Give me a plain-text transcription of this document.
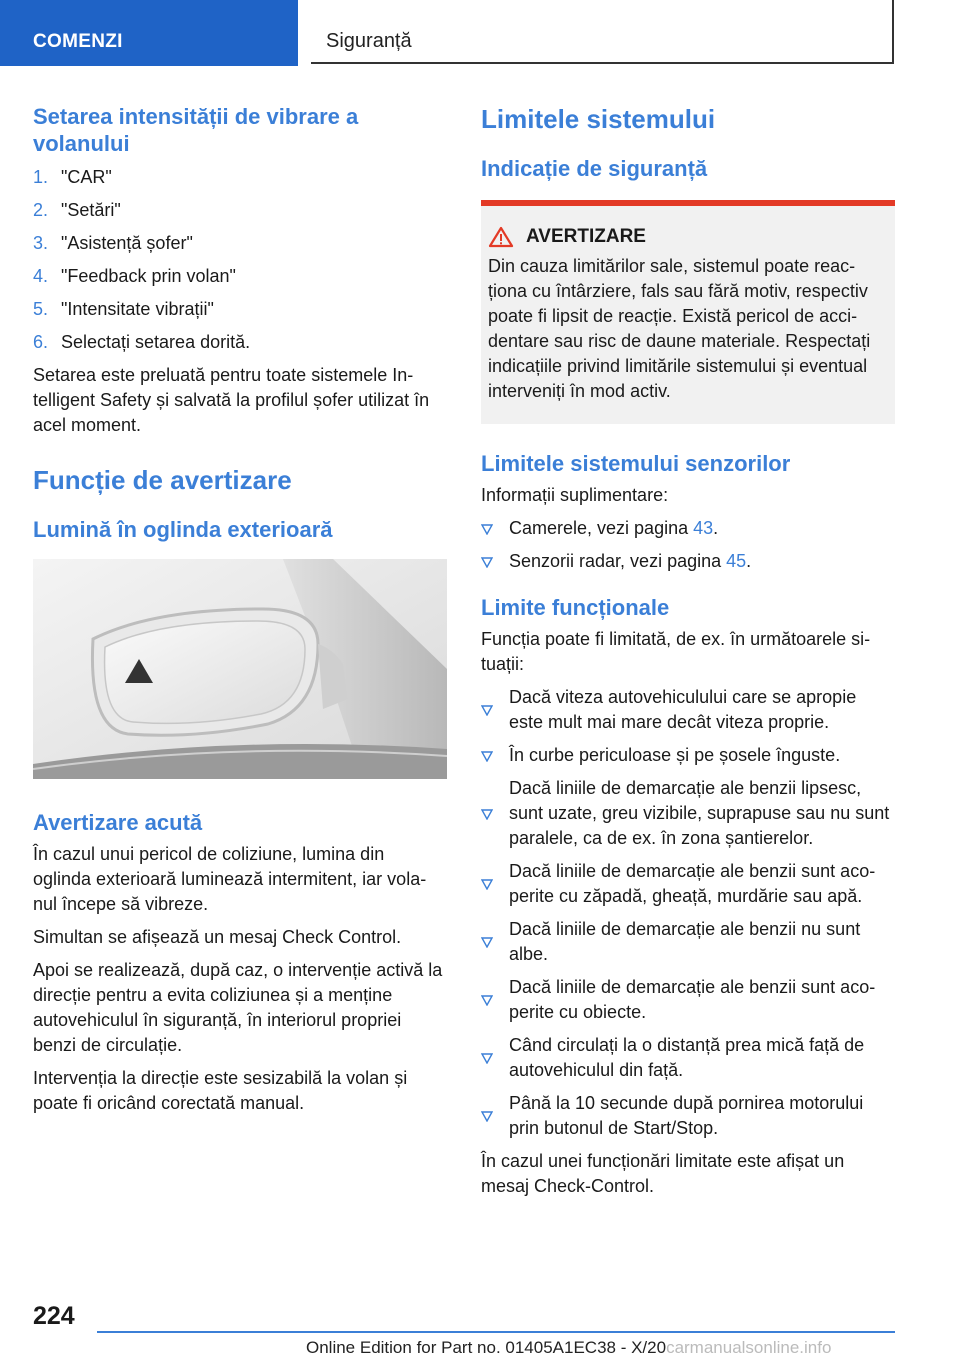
COMENZI	Siguranță
Setarea intensității de vibrare a volanului
1. "CAR"
2. "Setări"
3. "Asistență șofer"
4. "Feedback prin volan"
5. "Intensitate vibrații"
6. Selectați setarea dorită.

Setarea este preluată pentru toate sistemele In-telligent Safety și salvată la profilul șofer utilizat în acel moment.

Funcție de avertizare
Lumină în oglinda exterioară
Avertizare acută

În cazul unui pericol de coliziune, lumina din oglinda exterioară luminează intermitent, iar vola-nul începe să vibreze.

Simultan se afișează un mesaj Check Control.

Apoi se realizează, după caz, o intervenție activă la direcție pentru a evita coliziunea și a menține autovehiculul în siguranță, în interiorul propriei benzi de circulație.

Intervenția la direcție este sesizabilă la volan și poate fi oricând corectată manual.

Limitele sistemului
Indicație de siguranță
AVERTIZARE

Din cauza limitărilor sale, sistemul poate reac-ționa cu întârziere, fals sau fără motiv, respectiv poate fi lipsit de reacție. Există pericol de acci-dentare sau risc de daune materiale. Respectați indicațiile privind limitările sistemului și eventual interveniți în mod activ.

Limitele sistemului senzorilor

Informații suplimentare:

Camerele, vezi pagina 43.
Senzorii radar, vezi pagina 45.
Limite funcționale

Funcția poate fi limitată, de ex. în următoarele si-tuații:

Dacă viteza autovehiculului care se apropie este mult mai mare decât viteza proprie.
În curbe periculoase și pe șosele înguste.
Dacă liniile de demarcație ale benzii lipsesc, sunt uzate, greu vizibile, suprapuse sau nu sunt paralele, ca de ex. în zona șantierelor.
Dacă liniile de demarcație ale benzii sunt aco-perite cu zăpadă, gheață, murdărie sau apă.
Dacă liniile de demarcație ale benzii nu sunt albe.
Dacă liniile de demarcație ale benzii sunt aco-perite cu obiecte.
Când circulați la o distanță prea mică față de autovehiculul din față.
Până la 10 secunde după pornirea motorului prin butonul de Start/Stop.

În cazul unei funcționări limitate este afișat un mesaj Check-Control.

224
Online Edition for Part no. 01405A1EC38 - X/20carmanualsonline.info
